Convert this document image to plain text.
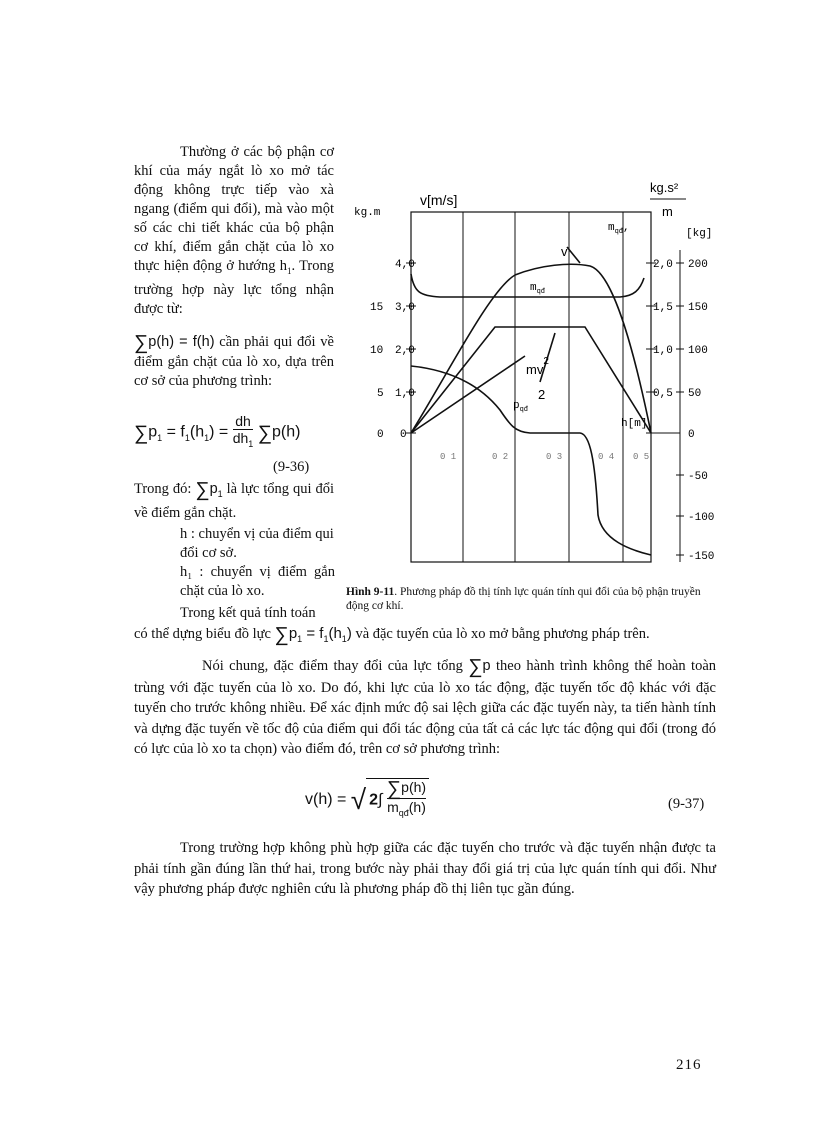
Thường ở các bộ phận cơ khí của máy ngắt lò xo mở tác động không trực tiếp vào xà ngang (điểm qui đổi), mà vào một số các chi tiết khác của bộ phận cơ khí, điểm gắn chặt của lò xo thực hiện động ở hướng $h_1$. Trong trường hợp này lực tổng nhận được từ:

∑p(h) = f(h) cần phải qui đổi về điểm gắn chặt của lò xo, dựa trên cơ sở của phương trình:

$\sum p_1 = f_1(h_1) = \frac{dh}{dh_1} \sum p(h)$

(9-36)

Trong đó: $\sum p_1$ là lực tổng qui đổi về điểm gắn chặt.

h : chuyển vị của điểm qui đổi cơ sở.

h₁ : chuyển vị điểm gắn chặt của lò xo.

Trong kết quả tính toán

kg.m
v[m/s]
kg.s²
m
[kg]
4,0
3,0
2,0
1,0
0
15
10
5
0
2,0
1,5
1,0
0,5
200
150
100
50
0
-50
-100
-150
h[m]
0 1	0 2	0 3	0 4 0 5
v
$m_{qđ}$,
$m_{qđ}$
$mv^2$
2
$p_{qđ}$

Hình 9-11. Phương pháp đồ thị tính lực quán tính qui đổi của bộ phận truyền động cơ khí.

có thể dựng biểu đồ lực $\sum p_1 = f_1(h_1)$ và đặc tuyến của lò xo mở bằng phương pháp trên.

Nói chung, đặc điểm thay đổi của lực tổng ∑p theo hành trình không thể hoàn toàn trùng với đặc tuyến của lò xo. Do đó, khi lực của lò xo tác động, đặc tuyến tốc độ khác với đặc tuyến cho trước không nhiều. Để xác định mức độ sai lệch giữa các đặc tuyến này, ta tiến hành tính và dựng đặc tuyến về tốc độ của điểm qui đổi tác động của tất cả các lực tác động qui đổi (trong đó có lực của lò xo ta chọn) vào điểm đó, trên cơ sở phương trình:

v(h) = √ 2∫
∑p(h)
$m_{qđ}(h)$	(9-37)

Trong trường hợp không phù hợp giữa các đặc tuyến cho trước và đặc tuyến nhận được ta phải tính gần đúng lần thứ hai, trong bước này phải thay đổi giá trị của lực quán tính qui đổi. Như vậy phương pháp được nghiên cứu là phương pháp đồ thị liên tục gần đúng.

216
